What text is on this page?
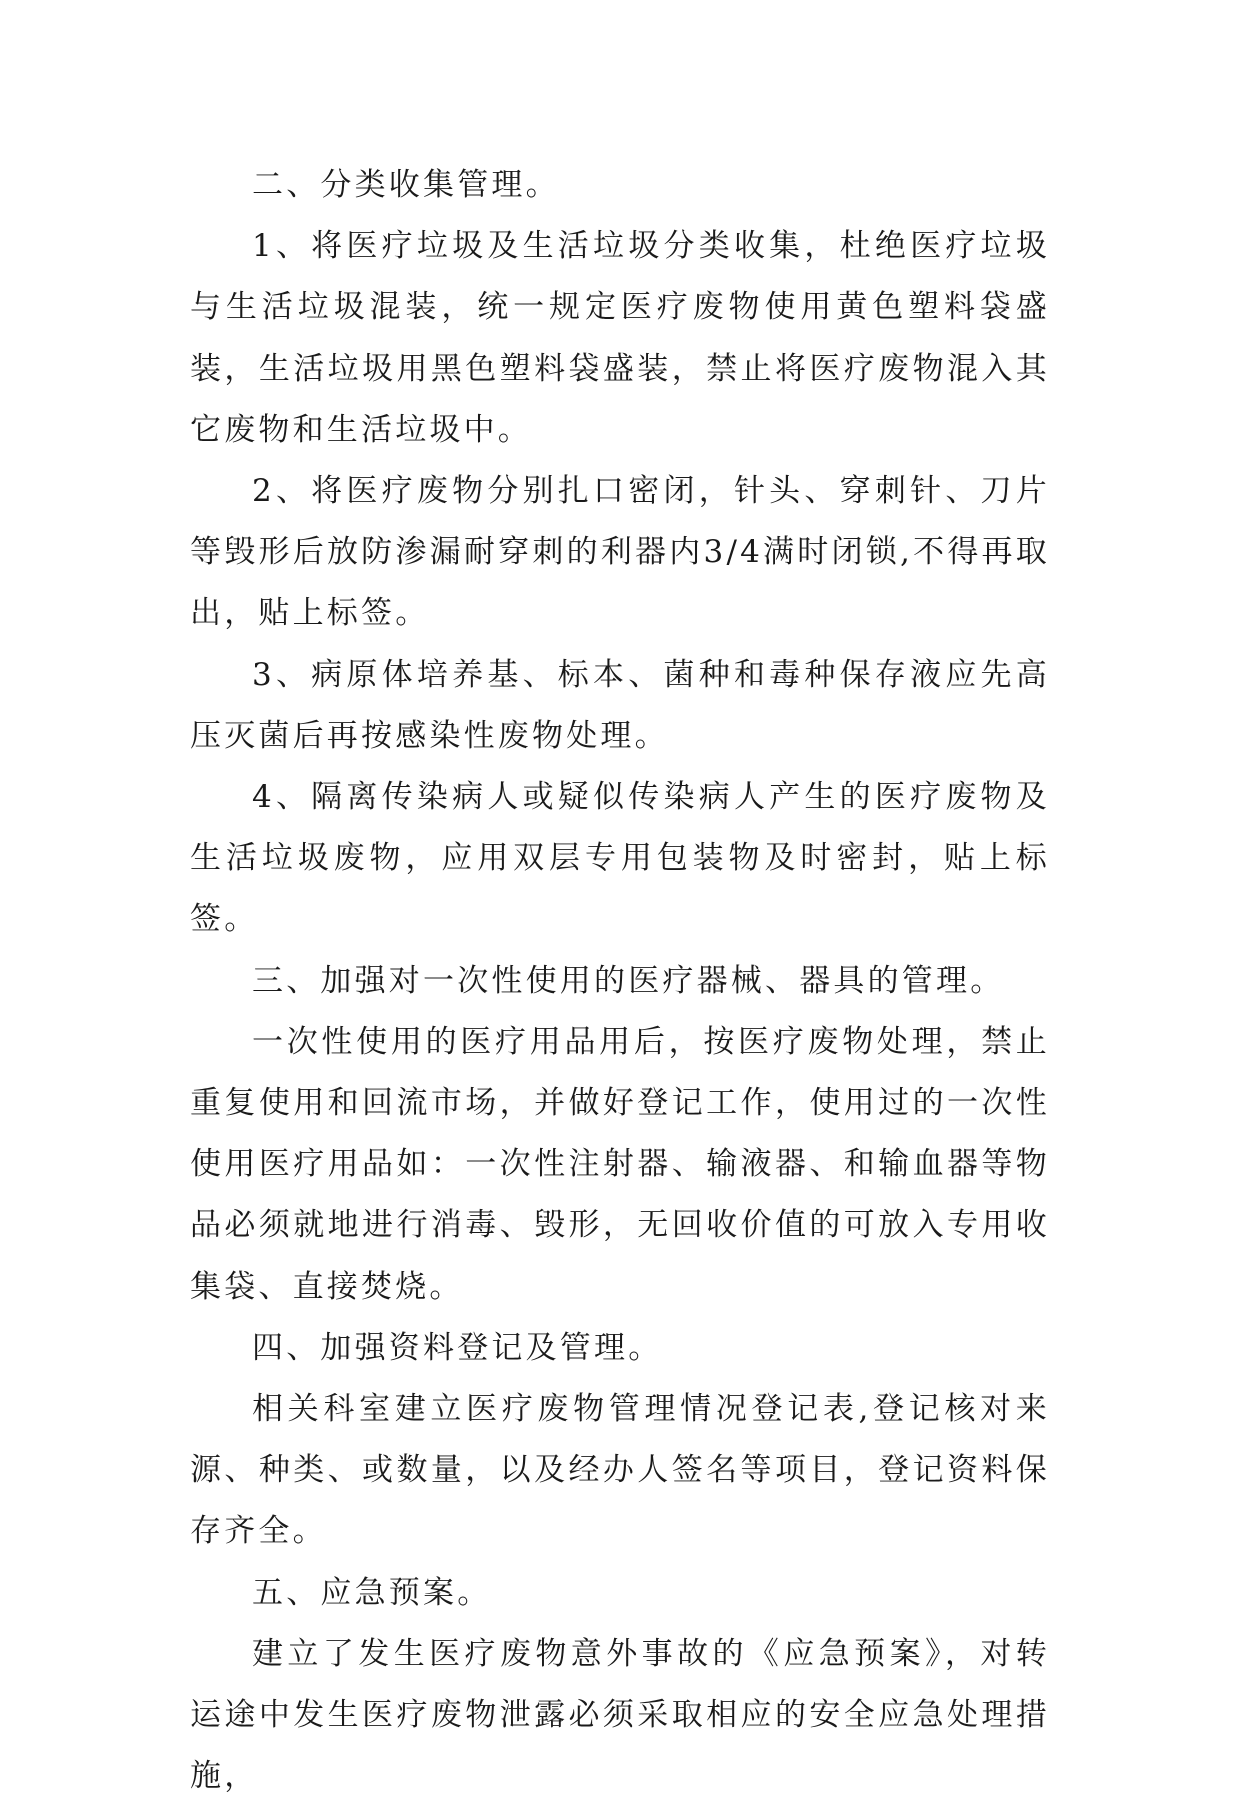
二、分类收集管理。

1、将医疗垃圾及生活垃圾分类收集，杜绝医疗垃圾与生活垃圾混装，统一规定医疗废物使用黄色塑料袋盛装，生活垃圾用黑色塑料袋盛装，禁止将医疗废物混入其它废物和生活垃圾中。

2、将医疗废物分别扎口密闭，针头、穿刺针、刀片等毁形后放防渗漏耐穿刺的利器内3/4满时闭锁,不得再取出，贴上标签。

3、病原体培养基、标本、菌种和毒种保存液应先高压灭菌后再按感染性废物处理。

4、隔离传染病人或疑似传染病人产生的医疗废物及生活垃圾废物，应用双层专用包装物及时密封，贴上标签。

三、加强对一次性使用的医疗器械、器具的管理。

一次性使用的医疗用品用后，按医疗废物处理，禁止重复使用和回流市场，并做好登记工作，使用过的一次性使用医疗用品如：一次性注射器、输液器、和输血器等物品必须就地进行消毒、毁形，无回收价值的可放入专用收集袋、直接焚烧。

四、加强资料登记及管理。

相关科室建立医疗废物管理情况登记表,登记核对来源、种类、或数量，以及经办人签名等项目，登记资料保存齐全。

五、应急预案。

建立了发生医疗废物意外事故的《应急预案》，对转运途中发生医疗废物泄露必须采取相应的安全应急处理措施，
